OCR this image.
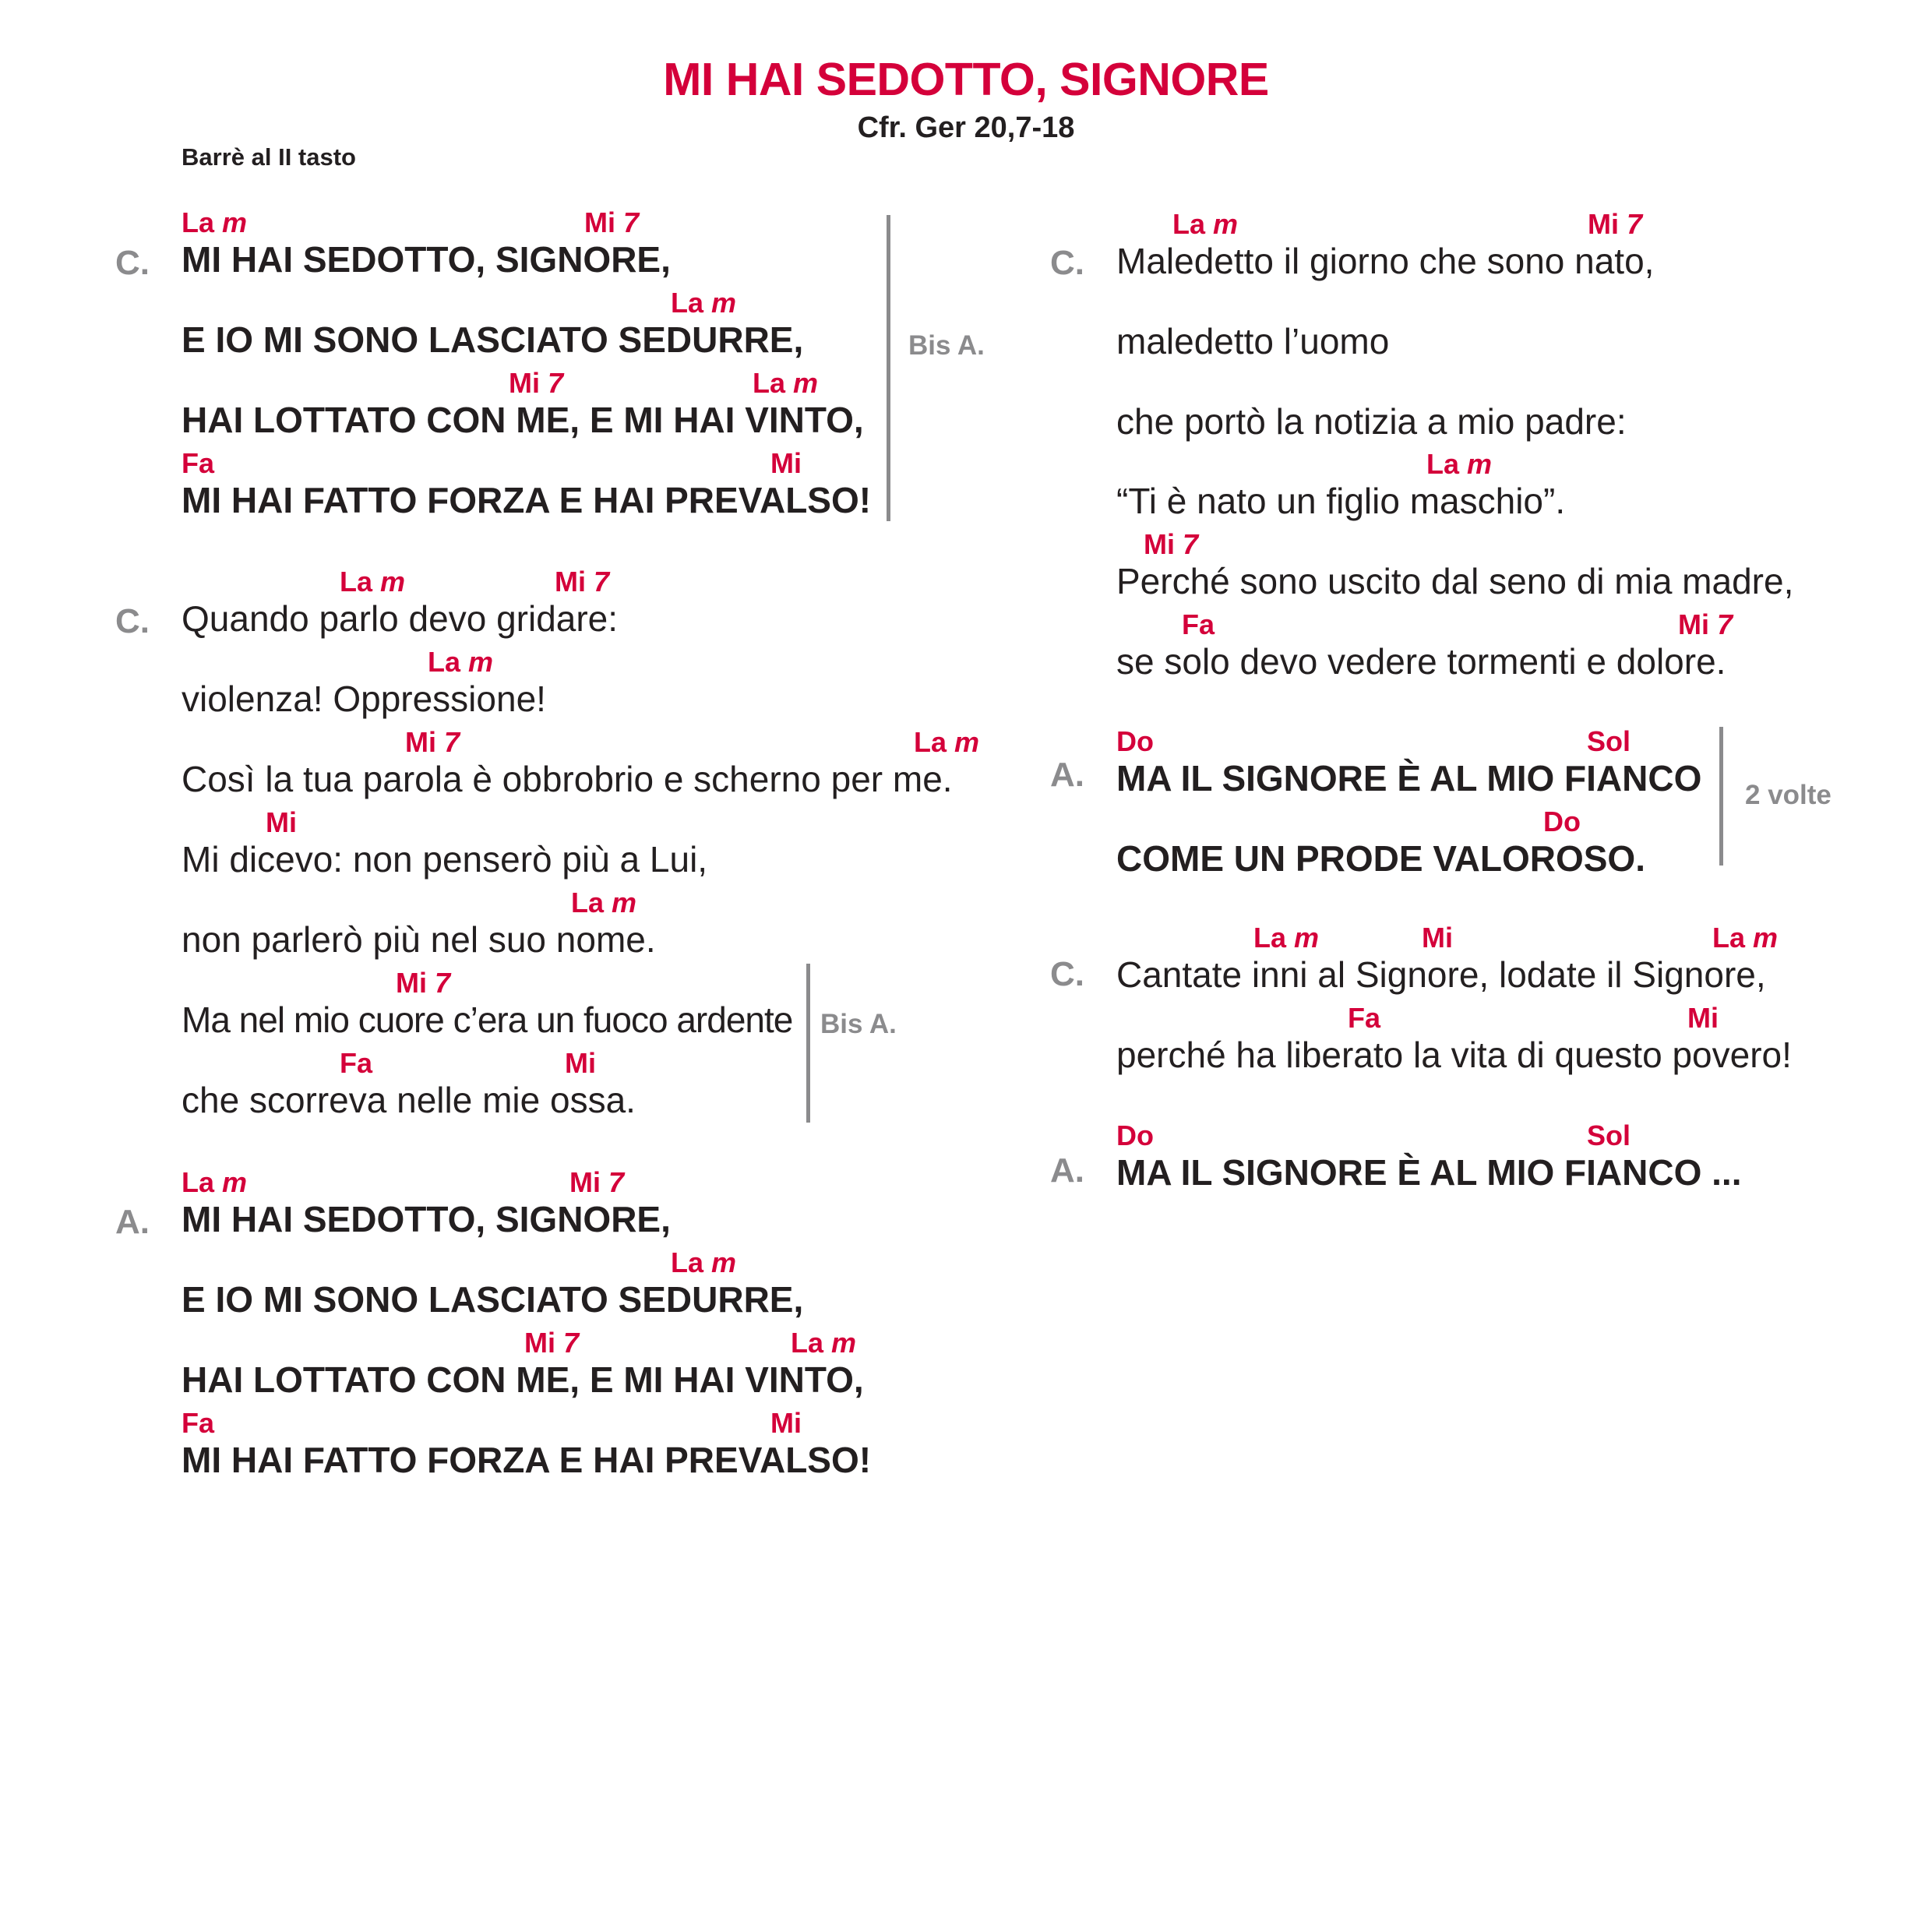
MI HAI SEDOTTO, SIGNORE
Cfr. Ger 20,7-18
Barrè al II tasto
C.
La m	Mi 7
MI HAI SEDOTTO, SIGNORE,
La m
E IO MI SONO LASCIATO SEDURRE,
Mi 7	La m
HAI LOTTATO CON ME, E MI HAI VINTO,
Fa	Mi
MI HAI FATTO FORZA E HAI PREVALSO!
Bis A.
C.
La m	Mi 7
Quando parlo devo gridare:
La m
violenza! Oppressione!
Mi 7	La m
Così la tua parola è obbrobrio e scherno per me.
Mi
Mi dicevo: non penserò più a Lui,
La m
non parlerò più nel suo nome.
Mi 7
Ma nel mio cuore c’era un fuoco ardente
Fa	Mi
che scorreva nelle mie ossa.
Bis A.
A.
La m	Mi 7
MI HAI SEDOTTO, SIGNORE,
La m
E IO MI SONO LASCIATO SEDURRE,
Mi 7	La m
HAI LOTTATO CON ME, E MI HAI VINTO,
Fa	Mi
MI HAI FATTO FORZA E HAI PREVALSO!
C.
La m	Mi 7
Maledetto il giorno che sono nato,
maledetto l’uomo
che portò la notizia a mio padre:
La m
“Ti è nato un figlio maschio”.
Mi 7
Perché sono uscito dal seno di mia madre,
Fa	Mi 7
se solo devo vedere tormenti e dolore.
A.
Do	Sol
MA IL SIGNORE È AL MIO FIANCO
Do
COME UN PRODE VALOROSO.
2 volte
C.
La m	Mi	La m
Cantate inni al Signore, lodate il Signore,
Fa	Mi
perché ha liberato la vita di questo povero!
A.
Do	Sol
MA IL SIGNORE È AL MIO FIANCO ...
